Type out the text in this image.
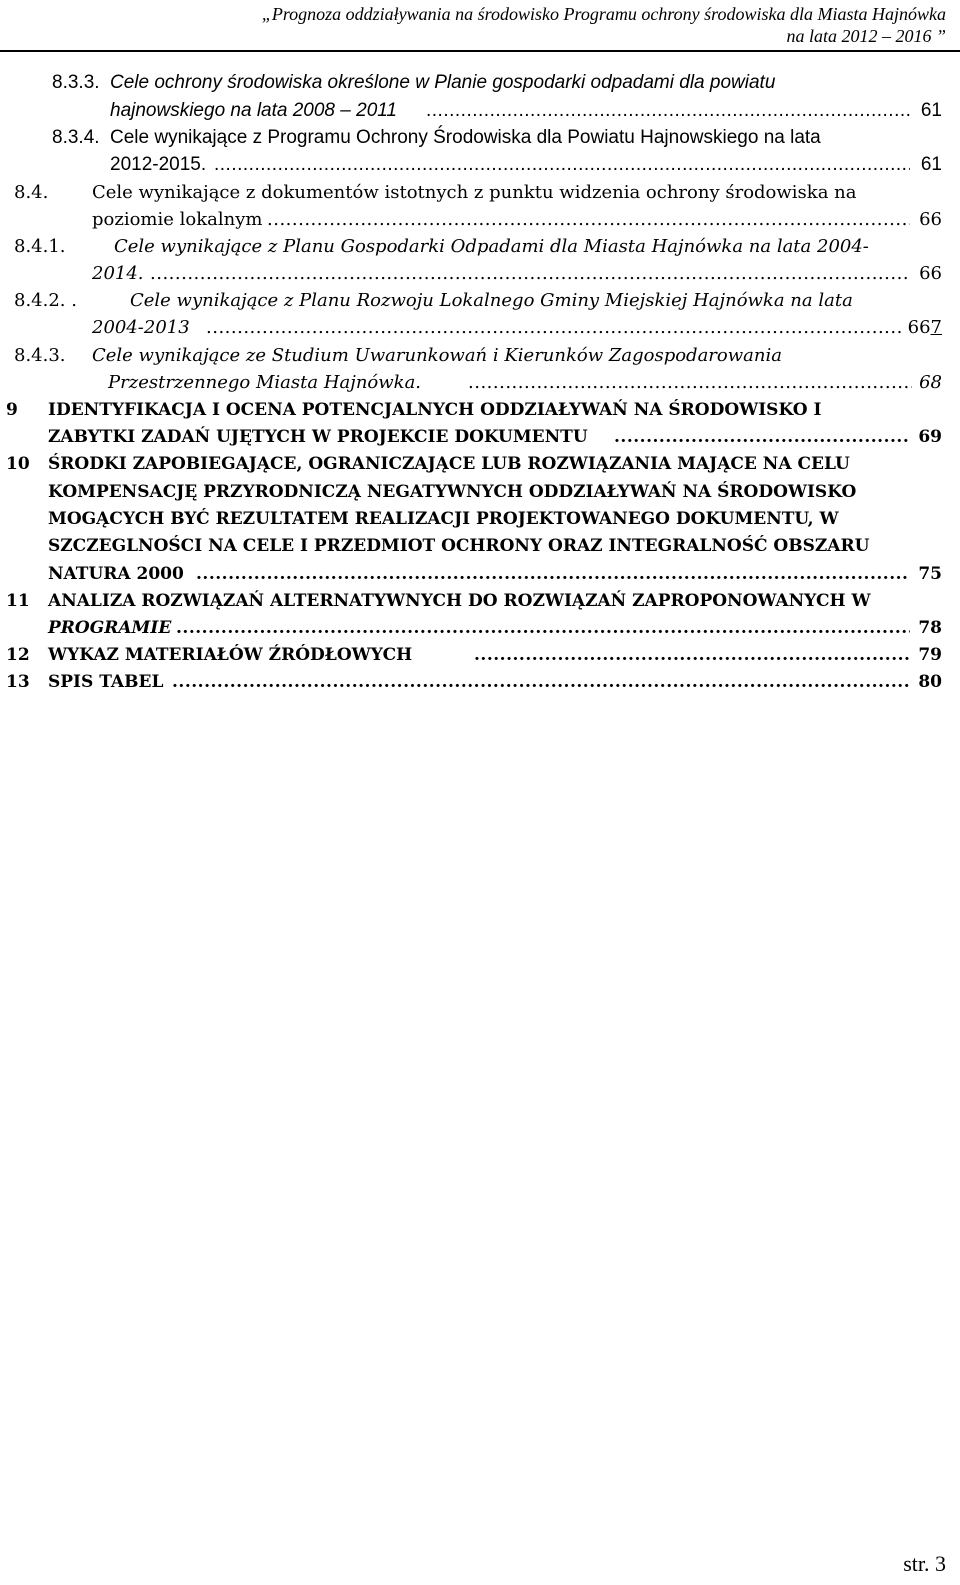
„Prognoza oddziaływania na środowisko Programu ochrony środowiska dla Miasta Hajnówka
na lata 2012 – 2016 ”
8.3.3. Cele ochrony środowiska określone w Planie gospodarki odpadami dla powiatu
hajnowskiego na lata 2008 – 2011 .....	61
8.3.4. Cele wynikające z Programu Ochrony Środowiska dla Powiatu Hajnowskiego na lata
2012-2015. .....	61
8.4. Cele wynikające z dokumentów istotnych z punktu widzenia ochrony środowiska na
poziomie lokalnym .....	66
8.4.1.	Cele wynikające z Planu Gospodarki Odpadami dla Miasta Hajnówka na lata 2004-
2014. .....	66
8.4.2. .	Cele wynikające z Planu Rozwoju Lokalnego Gminy Miejskiej Hajnówka na lata
2004-2013 .....	667
8.4.3. Cele wynikające ze Studium Uwarunkowań i Kierunków Zagospodarowania
Przestrzennego Miasta Hajnówka. .....	68
9 IDENTYFIKACJA I OCENA POTENCJALNYCH ODDZIAŁYWAŃ NA ŚRODOWISKO I
ZABYTKI ZADAŃ UJĘTYCH W PROJEKCIE DOKUMENTU .....	69
10 ŚRODKI ZAPOBIEGAJĄCE, OGRANICZAJĄCE LUB ROZWIĄZANIA MAJĄCE NA CELU
KOMPENSACJĘ PRZYRODNICZĄ NEGATYWNYCH ODDZIAŁYWAŃ NA ŚRODOWISKO
MOGĄCYCH BYĆ REZULTATEM REALIZACJI PROJEKTOWANEGO DOKUMENTU, W
SZCZEGLNOŚCI NA CELE I PRZEDMIOT OCHRONY ORAZ INTEGRALNOŚĆ OBSZARU
NATURA 2000 .....	75
11 ANALIZA ROZWIĄZAŃ ALTERNATYWNYCH DO ROZWIĄZAŃ ZAPROPONOWANYCH W
PROGRAMIE .....	78
12 WYKAZ MATERIAŁÓW ŹRÓDŁOWYCH .....	79
13 SPIS TABEL .....	80
str. 3
